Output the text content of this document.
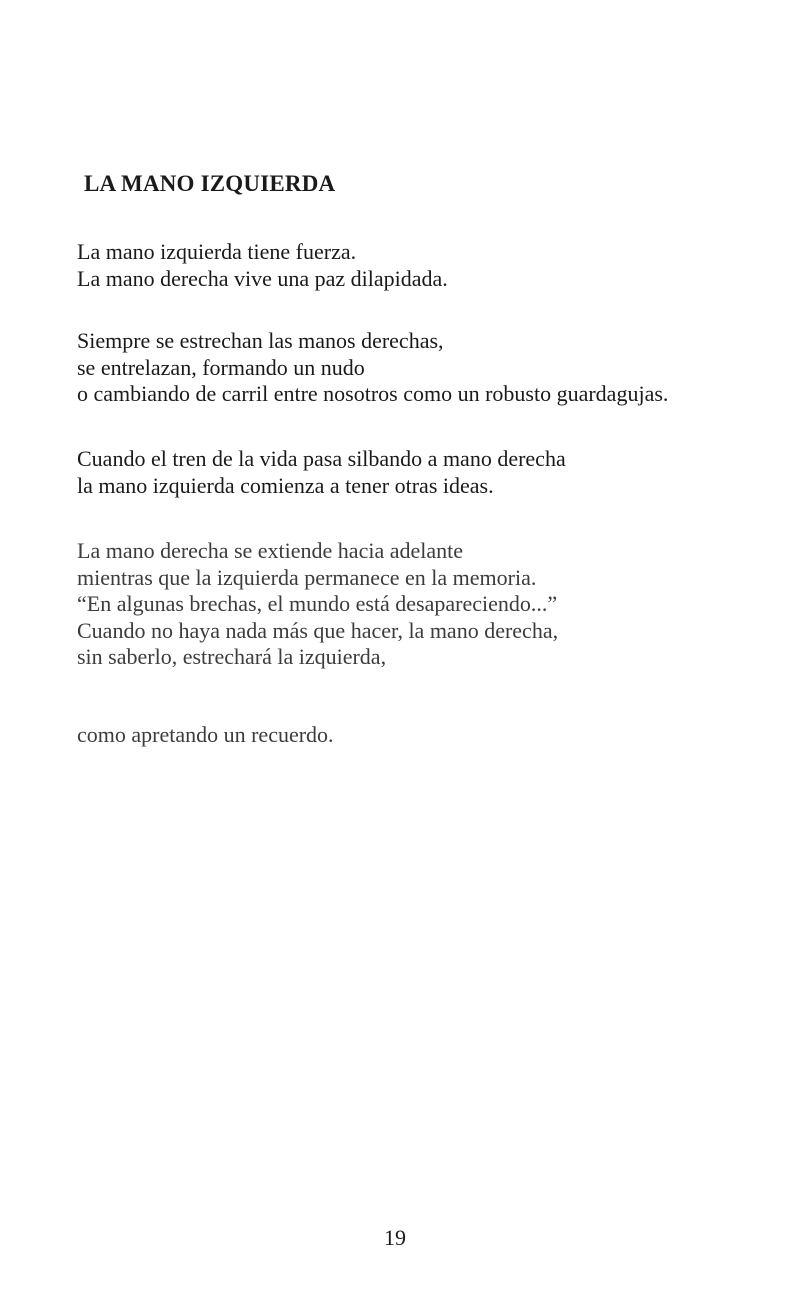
LA MANO IZQUIERDA
La mano izquierda tiene fuerza.
La mano derecha vive una paz dilapidada.
Siempre se estrechan las manos derechas,
se entrelazan, formando un nudo
o cambiando de carril entre nosotros como un robusto guardagujas.
Cuando el tren de la vida pasa silbando a mano derecha
la mano izquierda comienza a tener otras ideas.
La mano derecha se extiende hacia adelante
mientras que la izquierda permanece en la memoria.
“En algunas brechas, el mundo está desapareciendo...”
Cuando no haya nada más que hacer, la mano derecha,
sin saberlo, estrechará la izquierda,
como apretando un recuerdo.
19
